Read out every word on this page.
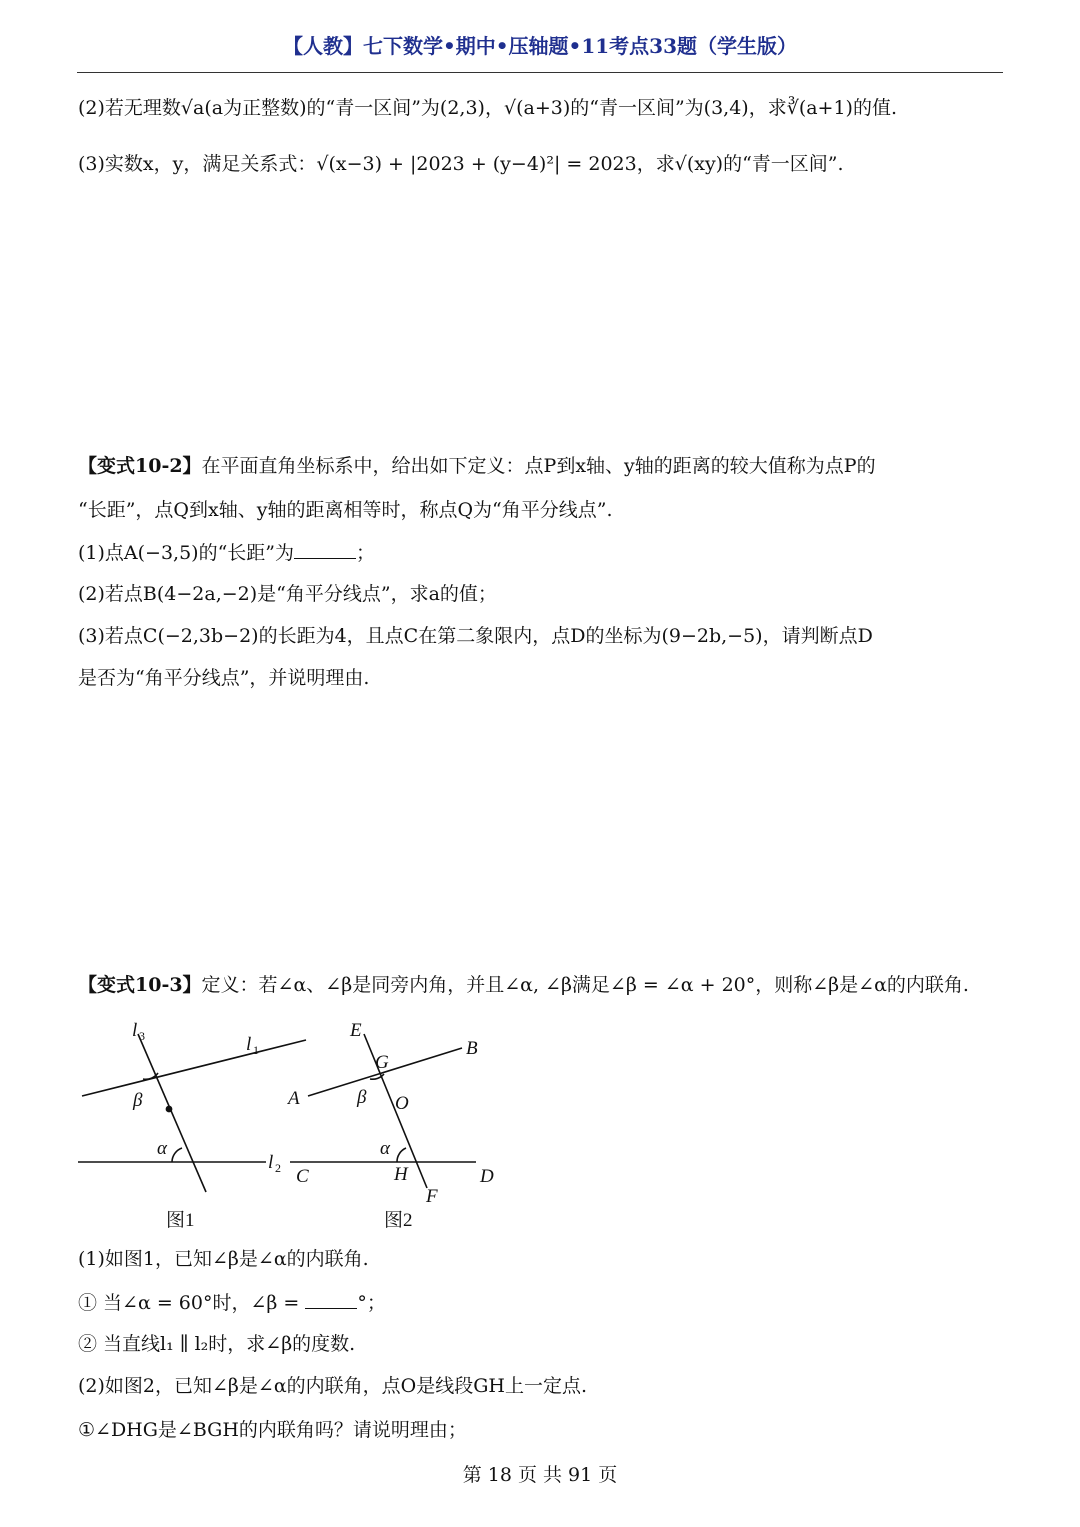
【人教】七下数学•期中•压轴题•11考点33题（学生版）
(2)若无理数√a(a为正整数)的“青一区间”为(2,3)，√(a+3)的“青一区间”为(3,4)，求∛(a+1)的值.
(3)实数x，y，满足关系式：√(x−3) + |2023 + (y−4)²| = 2023，求√(xy)的“青一区间”.
【变式10-2】在平面直角坐标系中，给出如下定义：点P到x轴、y轴的距离的较大值称为点P的
“长距”，点Q到x轴、y轴的距离相等时，称点Q为“角平分线点”.
(1)点A(−3,5)的“长距”为	；
(2)若点B(4−2a,−2)是“角平分线点”，求a的值；
(3)若点C(−2,3b−2)的长距为4，且点C在第二象限内，点D的坐标为(9−2b,−5)，请判断点D
是否为“角平分线点”，并说明理由.
【变式10-3】定义：若∠α、∠β是同旁内角，并且∠α, ∠β满足∠β = ∠α + 20°，则称∠β是∠α的内联角.
l 3	l 1
l 2
β
α
图1
E
G
B
A	β O
α
C	H	D
F
图2
(1)如图1，已知∠β是∠α的内联角.
① 当∠α = 60°时，∠β =	°；
② 当直线l₁ ∥ l₂时，求∠β的度数.
(2)如图2，已知∠β是∠α的内联角，点O是线段GH上一定点.
①∠DHG是∠BGH的内联角吗？请说明理由；
第 18 页 共 91 页
